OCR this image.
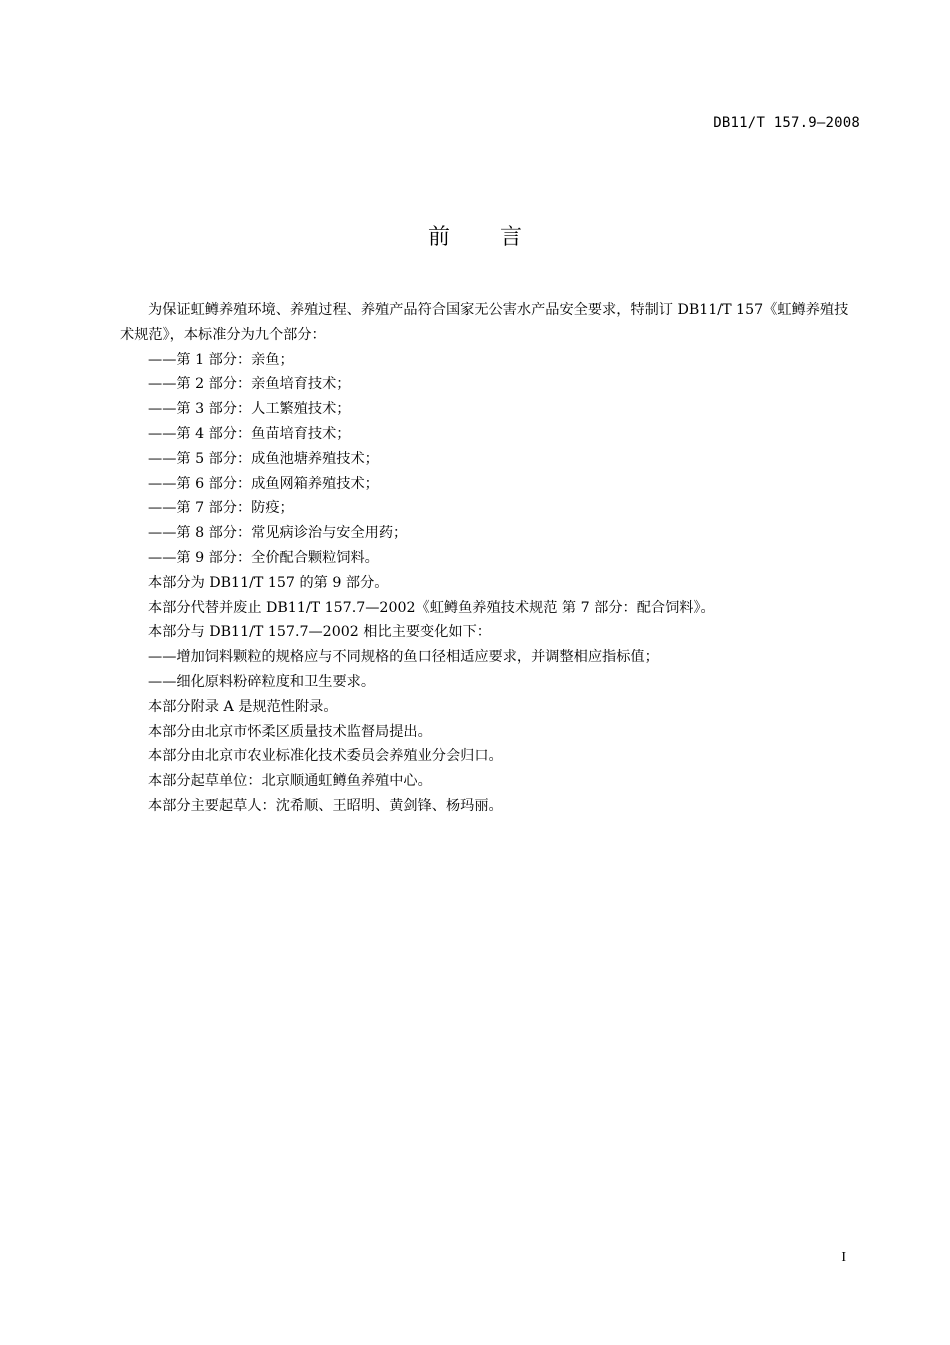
DB11/T 157.9—2008
前言

为保证虹鳟养殖环境、养殖过程、养殖产品符合国家无公害水产品安全要求，特制订 DB11/T 157《虹鳟养殖技术规范》，本标准分为九个部分：

——第 1 部分：亲鱼；

——第 2 部分：亲鱼培育技术；

——第 3 部分：人工繁殖技术；

——第 4 部分：鱼苗培育技术；

——第 5 部分：成鱼池塘养殖技术；

——第 6 部分：成鱼网箱养殖技术；

——第 7 部分：防疫；

——第 8 部分：常见病诊治与安全用药；

——第 9 部分：全价配合颗粒饲料。

本部分为 DB11/T 157 的第 9 部分。

本部分代替并废止 DB11/T 157.7—2002《虹鳟鱼养殖技术规范 第 7 部分：配合饲料》。

本部分与 DB11/T 157.7—2002 相比主要变化如下：

——增加饲料颗粒的规格应与不同规格的鱼口径相适应要求，并调整相应指标值；

——细化原料粉碎粒度和卫生要求。

本部分附录 A 是规范性附录。

本部分由北京市怀柔区质量技术监督局提出。

本部分由北京市农业标准化技术委员会养殖业分会归口。

本部分起草单位：北京顺通虹鳟鱼养殖中心。

本部分主要起草人：沈希顺、王昭明、黄剑锋、杨玛丽。

I
